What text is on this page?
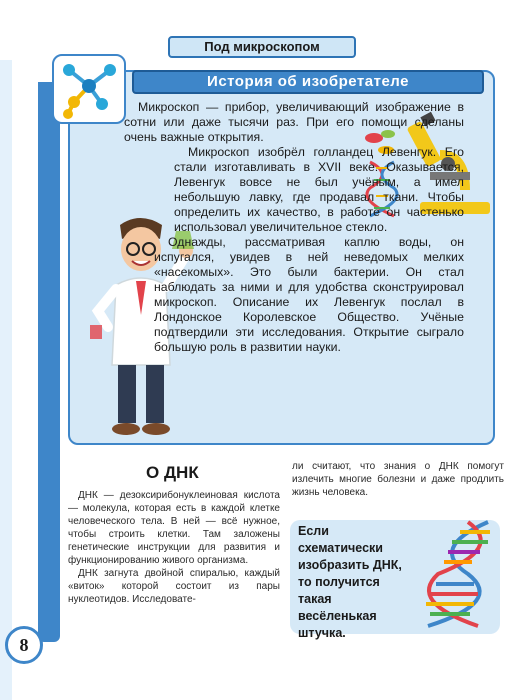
Под микроскопом
История об изобретателе

Микроскоп — прибор, увеличивающий изображение в сотни или даже тысячи раз. При его помощи сделаны очень важные открытия.

Микроскоп изобрёл голландец Левенгук. Его стали изготавливать в XVII веке. Оказывается, Левенгук вовсе не был учёным, а имел небольшую лавку, где продавал ткани. Чтобы определить их качество, в работе он частенько использовал увеличительное стекло.

Однажды, рассматривая каплю воды, он испугался, увидев в ней неведомых мелких «насекомых». Это были бактерии. Он стал наблюдать за ними и для удобства сконструировал микроскоп. Описание их Левенгук послал в Лондонское Королевское Общество. Учёные подтвердили эти исследования. Открытие сыграло большую роль в развитии науки.

О ДНК

ДНК — дезоксирибонуклеиновая кислота — молекула, которая есть в каждой клетке человеческого тела. В ней — всё нужное, чтобы строить клетки. Там заложены генетические инструкции для развития и функционированию живого организма.

ДНК загнута двойной спиралью, каждый «виток» которой состоит из пары нуклеотидов. Исследовате-

ли считают, что знания о ДНК помогут излечить многие болезни и даже продлить жизнь человека.

Если схематически изобразить ДНК, то получится такая весёленькая штучка.
8
